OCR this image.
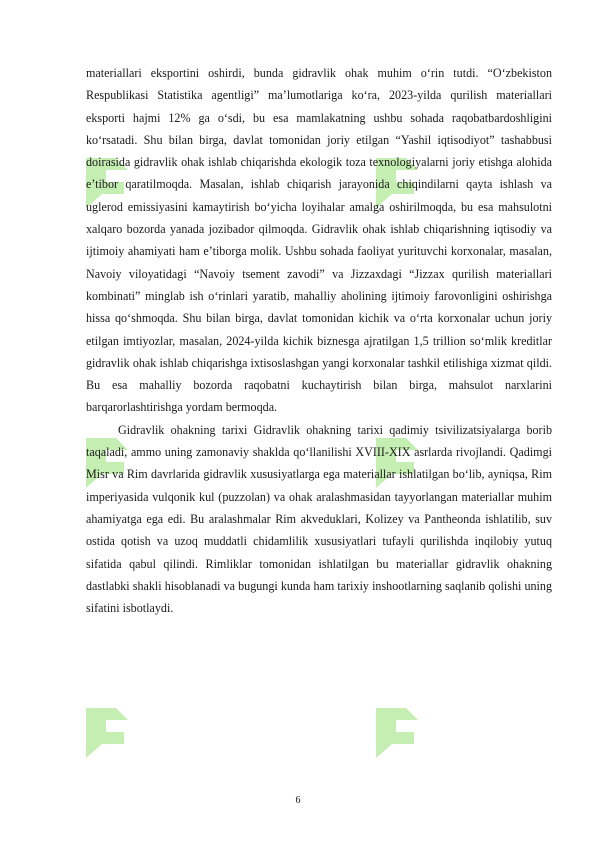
materiallari eksportini oshirdi, bunda gidravlik ohak muhim o‘rin tutdi. “O‘zbekiston Respublikasi Statistika agentligi” ma’lumotlariga ko‘ra, 2023-yilda qurilish materiallari eksporti hajmi 12% ga o‘sdi, bu esa mamlakatning ushbu sohada raqobatbardoshligini ko‘rsatadi. Shu bilan birga, davlat tomonidan joriy etilgan “Yashil iqtisodiyot” tashabbusi doirasida gidravlik ohak ishlab chiqarishda ekologik toza texnologiyalarni joriy etishga alohida e’tibor qaratilmoqda. Masalan, ishlab chiqarish jarayonida chiqindilarni qayta ishlash va uglerod emissiyasini kamaytirish bo‘yicha loyihalar amalga oshirilmoqda, bu esa mahsulotni xalqaro bozorda yanada jozibador qilmoqda. Gidravlik ohak ishlab chiqarishning iqtisodiy va ijtimoiy ahamiyati ham e’tiborga molik. Ushbu sohada faoliyat yurituvchi korxonalar, masalan, Navoiy viloyatidagi “Navoiy tsement zavodi” va Jizzaxdagi “Jizzax qurilish materiallari kombinati” minglab ish o‘rinlari yaratib, mahalliy aholining ijtimoiy farovonligini oshirishga hissa qo‘shmoqda. Shu bilan birga, davlat tomonidan kichik va o‘rta korxonalar uchun joriy etilgan imtiyozlar, masalan, 2024-yilda kichik biznesga ajratilgan 1,5 trillion so‘mlik kreditlar gidravlik ohak ishlab chiqarishga ixtisoslashgan yangi korxonalar tashkil etilishiga xizmat qildi. Bu esa mahalliy bozorda raqobatni kuchaytirish bilan birga, mahsulot narxlarini barqarorlashtirishga yordam bermoqda.

Gidravlik ohakning tarixi Gidravlik ohakning tarixi qadimiy tsivilizatsiyalarga borib taqaladi, ammo uning zamonaviy shaklda qo‘llanilishi XVIII-XIX asrlarda rivojlandi. Qadimgi Misr va Rim davrlarida gidravlik xususiyatlarga ega materiallar ishlatilgan bo‘lib, ayniqsa, Rim imperiyasida vulqonik kul (puzzolan) va ohak aralashmasidan tayyorlangan materiallar muhim ahamiyatga ega edi. Bu aralashmalar Rim akveduklari, Kolizey va Pantheonda ishlatilib, suv ostida qotish va uzoq muddatli chidamlilik xususiyatlari tufayli qurilishda inqilobiy yutuq sifatida qabul qilindi. Rimliklar tomonidan ishlatilgan bu materiallar gidravlik ohakning dastlabki shakli hisoblanadi va bugungi kunda ham tarixiy inshootlarning saqlanib qolishi uning sifatini isbotlaydi.

6
